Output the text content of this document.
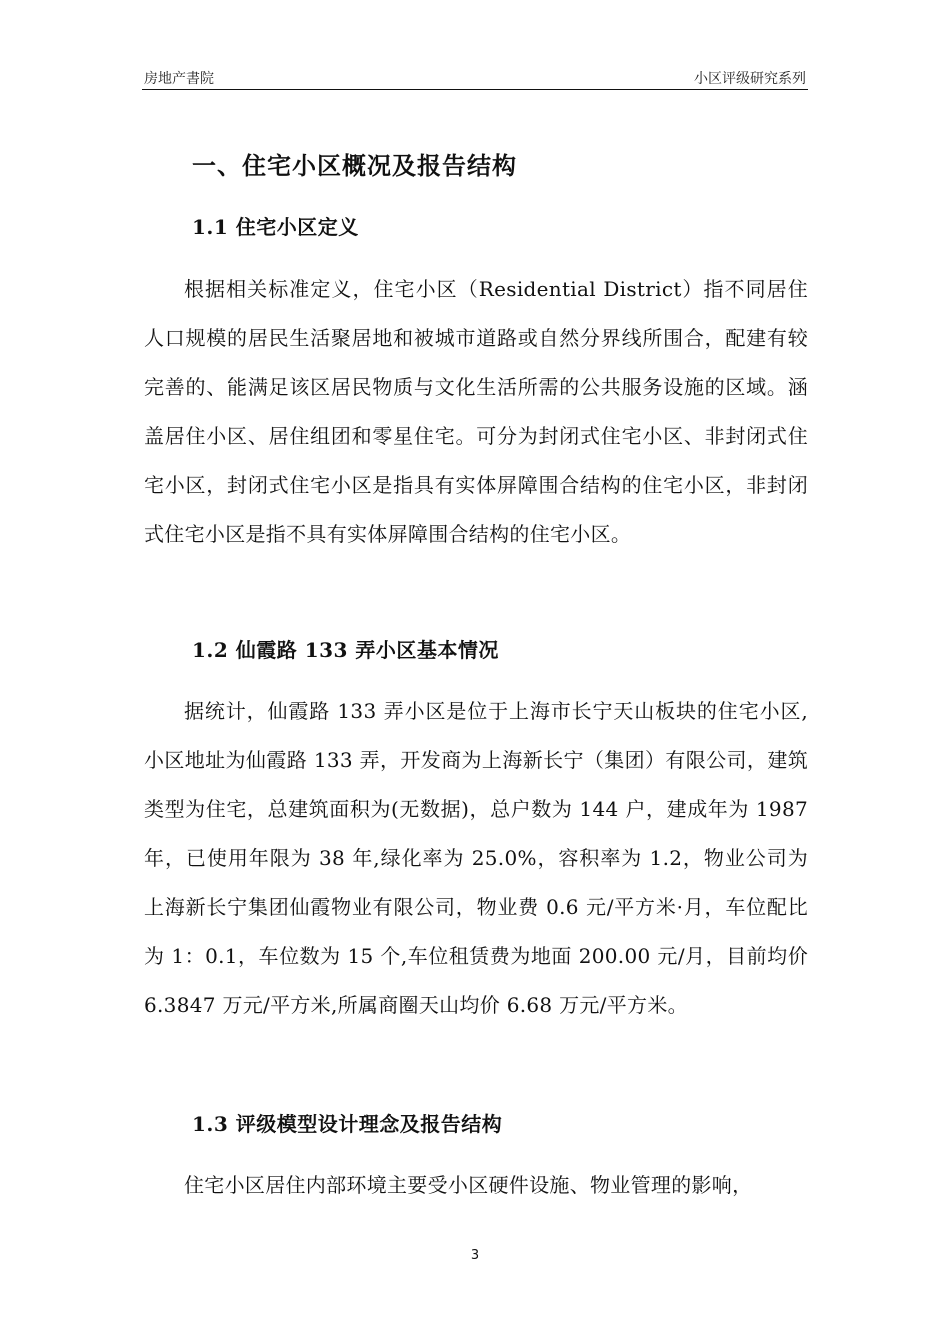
房地产書院	小区评级研究系列
一、住宅小区概况及报告结构
1.1 住宅小区定义
根据相关标准定义，住宅小区（Residential District）指不同居住人口规模的居民生活聚居地和被城市道路或自然分界线所围合，配建有较完善的、能满足该区居民物质与文化生活所需的公共服务设施的区域。涵盖居住小区、居住组团和零星住宅。可分为封闭式住宅小区、非封闭式住宅小区，封闭式住宅小区是指具有实体屏障围合结构的住宅小区，非封闭式住宅小区是指不具有实体屏障围合结构的住宅小区。
1.2 仙霞路 133 弄小区基本情况
据统计，仙霞路 133 弄小区是位于上海市长宁天山板块的住宅小区,小区地址为仙霞路 133 弄，开发商为上海新长宁（集团）有限公司，建筑类型为住宅，总建筑面积为(无数据)，总户数为 144 户，建成年为 1987 年，已使用年限为 38 年,绿化率为 25.0%，容积率为 1.2，物业公司为上海新长宁集团仙霞物业有限公司，物业费 0.6 元/平方米·月，车位配比为 1：0.1，车位数为 15 个,车位租赁费为地面 200.00 元/月，目前均价 6.3847 万元/平方米,所属商圈天山均价 6.68 万元/平方米。
1.3 评级模型设计理念及报告结构
住宅小区居住内部环境主要受小区硬件设施、物业管理的影响，
3
